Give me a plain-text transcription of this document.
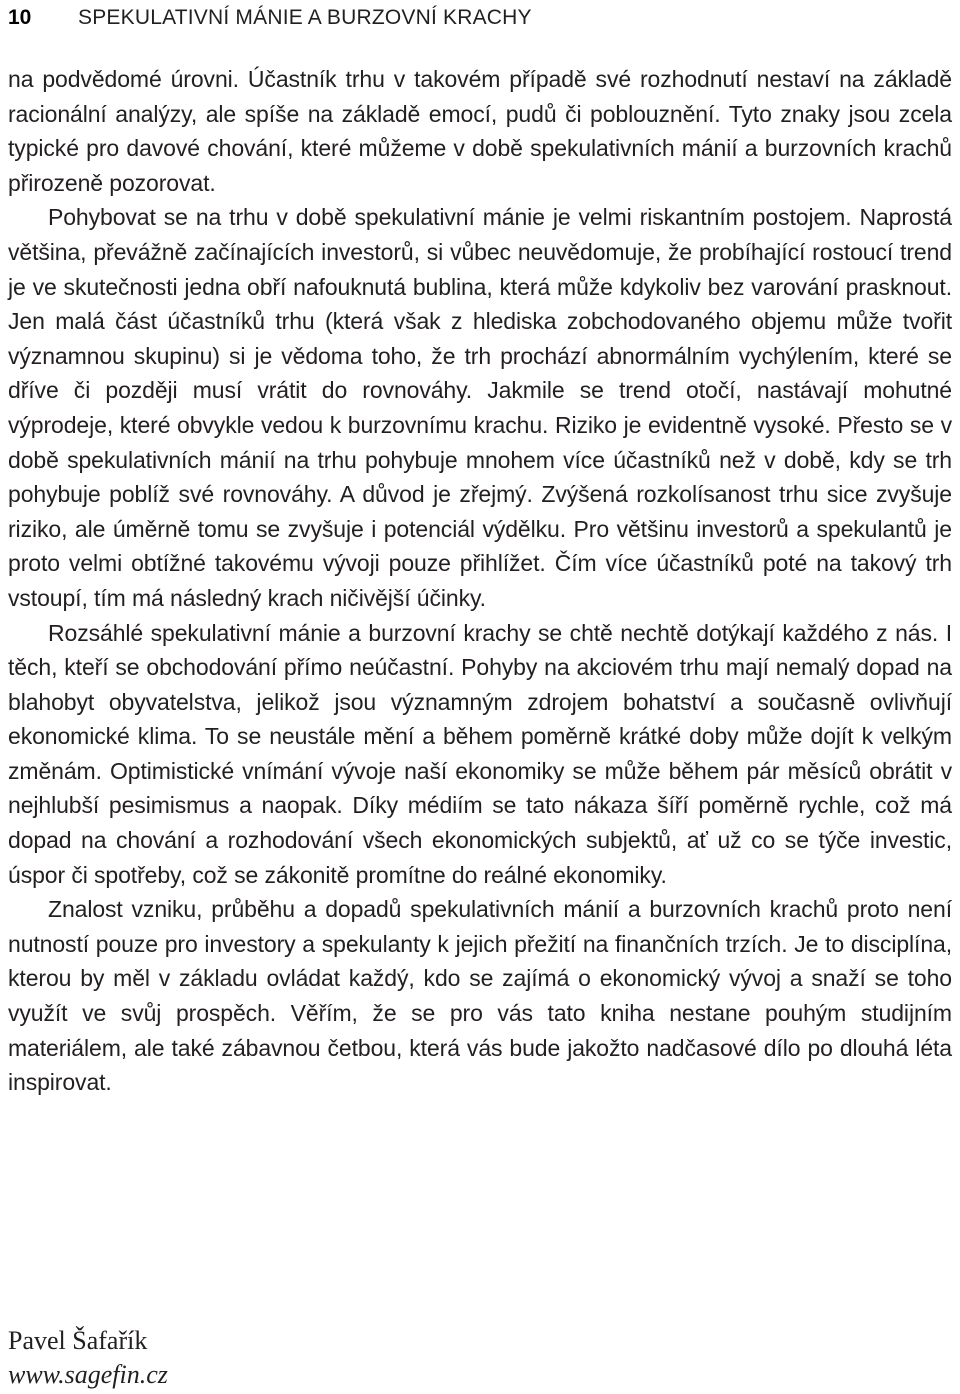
10	SPEKULATIVNÍ MÁNIE A BURZOVNÍ KRACHY

na podvědomé úrovni. Účastník trhu v takovém případě své rozhodnutí nestaví na základě racionální analýzy, ale spíše na základě emocí, pudů či poblouznění. Tyto znaky jsou zcela typické pro davové chování, které můžeme v době spekulativních mánií a burzovních krachů přirozeně pozorovat.

Pohybovat se na trhu v době spekulativní mánie je velmi riskantním postojem. Naprostá většina, převážně začínajících investorů, si vůbec neuvědomuje, že probíhající rostoucí trend je ve skutečnosti jedna obří nafouknutá bublina, která může kdykoliv bez varování prasknout. Jen malá část účastníků trhu (která však z hlediska zobchodovaného objemu může tvořit významnou skupinu) si je vědoma toho, že trh prochází abnormálním vychýlením, které se dříve či později musí vrátit do rovnováhy. Jakmile se trend otočí, nastávají mohutné výprodeje, které obvykle vedou k burzovnímu krachu. Riziko je evidentně vysoké. Přesto se v době spekulativních mánií na trhu pohybuje mnohem více účastníků než v době, kdy se trh pohybuje poblíž své rovnováhy. A důvod je zřejmý. Zvýšená rozkolísanost trhu sice zvyšuje riziko, ale úměrně tomu se zvyšuje i potenciál výdělku. Pro většinu investorů a spekulantů je proto velmi obtížné takovému vývoji pouze přihlížet. Čím více účastníků poté na takový trh vstoupí, tím má následný krach ničivější účinky.

Rozsáhlé spekulativní mánie a burzovní krachy se chtě nechtě dotýkají každého z nás. I těch, kteří se obchodování přímo neúčastní. Pohyby na akciovém trhu mají nemalý dopad na blahobyt obyvatelstva, jelikož jsou významným zdrojem bohatství a současně ovlivňují ekonomické klima. To se neustále mění a během poměrně krátké doby může dojít k velkým změnám. Optimistické vnímání vývoje naší ekonomiky se může během pár měsíců obrátit v nejhlubší pesimismus a naopak. Díky médiím se tato nákaza šíří poměrně rychle, což má dopad na chování a rozhodování všech ekonomických subjektů, ať už co se týče investic, úspor či spotřeby, což se zákonitě promítne do reálné ekonomiky.

Znalost vzniku, průběhu a dopadů spekulativních mánií a burzovních krachů proto není nutností pouze pro investory a spekulanty k jejich přežití na finančních trzích. Je to disciplína, kterou by měl v základu ovládat každý, kdo se zajímá o ekonomický vývoj a snaží se toho využít ve svůj prospěch. Věřím, že se pro vás tato kniha nestane pouhým studijním materiálem, ale také zábavnou četbou, která vás bude jakožto nadčasové dílo po dlouhá léta inspirovat.

Pavel Šafařík
www.sagefin.cz
